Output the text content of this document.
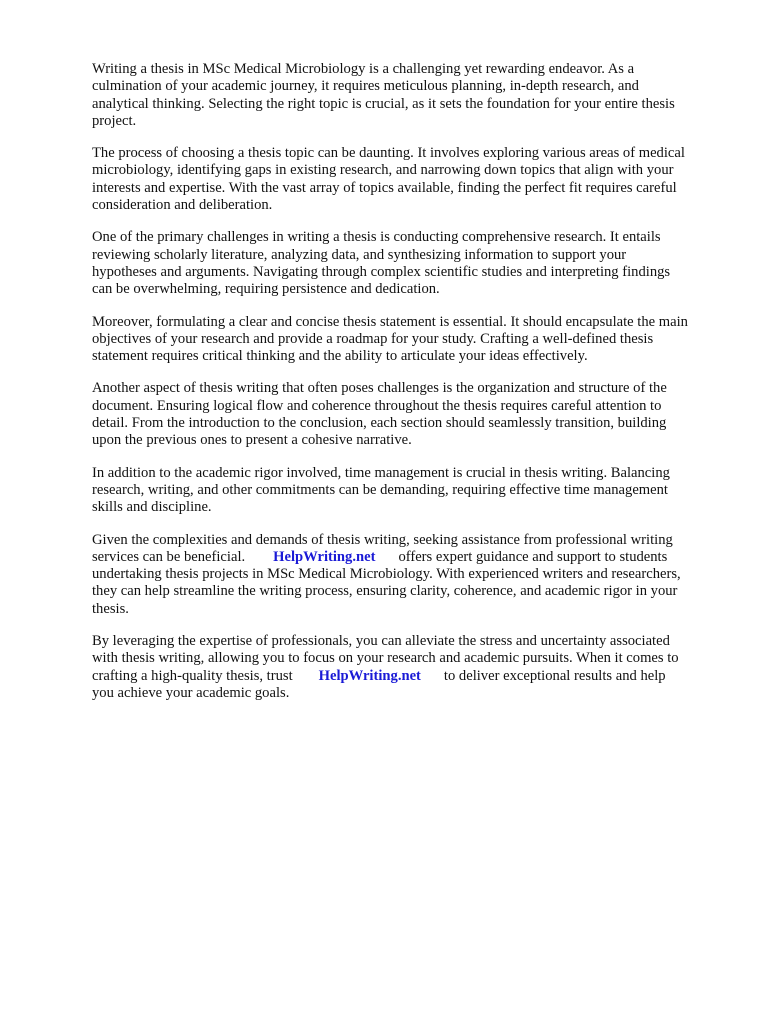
Writing a thesis in MSc Medical Microbiology is a challenging yet rewarding endeavor. As a
culmination of your academic journey, it requires meticulous planning, in-depth research, and
analytical thinking. Selecting the right topic is crucial, as it sets the foundation for your entire thesis
project.

The process of choosing a thesis topic can be daunting. It involves exploring various areas of medical
microbiology, identifying gaps in existing research, and narrowing down topics that align with your
interests and expertise. With the vast array of topics available, finding the perfect fit requires careful
consideration and deliberation.

One of the primary challenges in writing a thesis is conducting comprehensive research. It entails
reviewing scholarly literature, analyzing data, and synthesizing information to support your
hypotheses and arguments. Navigating through complex scientific studies and interpreting findings
can be overwhelming, requiring persistence and dedication.

Moreover, formulating a clear and concise thesis statement is essential. It should encapsulate the main
objectives of your research and provide a roadmap for your study. Crafting a well-defined thesis
statement requires critical thinking and the ability to articulate your ideas effectively.

Another aspect of thesis writing that often poses challenges is the organization and structure of the
document. Ensuring logical flow and coherence throughout the thesis requires careful attention to
detail. From the introduction to the conclusion, each section should seamlessly transition, building
upon the previous ones to present a cohesive narrative.

In addition to the academic rigor involved, time management is crucial in thesis writing. Balancing
research, writing, and other commitments can be demanding, requiring effective time management
skills and discipline.

Given the complexities and demands of thesis writing, seeking assistance from professional writing
services can be beneficial. HelpWriting.net offers expert guidance and support to students
undertaking thesis projects in MSc Medical Microbiology. With experienced writers and researchers,
they can help streamline the writing process, ensuring clarity, coherence, and academic rigor in your
thesis.

By leveraging the expertise of professionals, you can alleviate the stress and uncertainty associated
with thesis writing, allowing you to focus on your research and academic pursuits. When it comes to
crafting a high-quality thesis, trust HelpWriting.net to deliver exceptional results and help
you achieve your academic goals.
